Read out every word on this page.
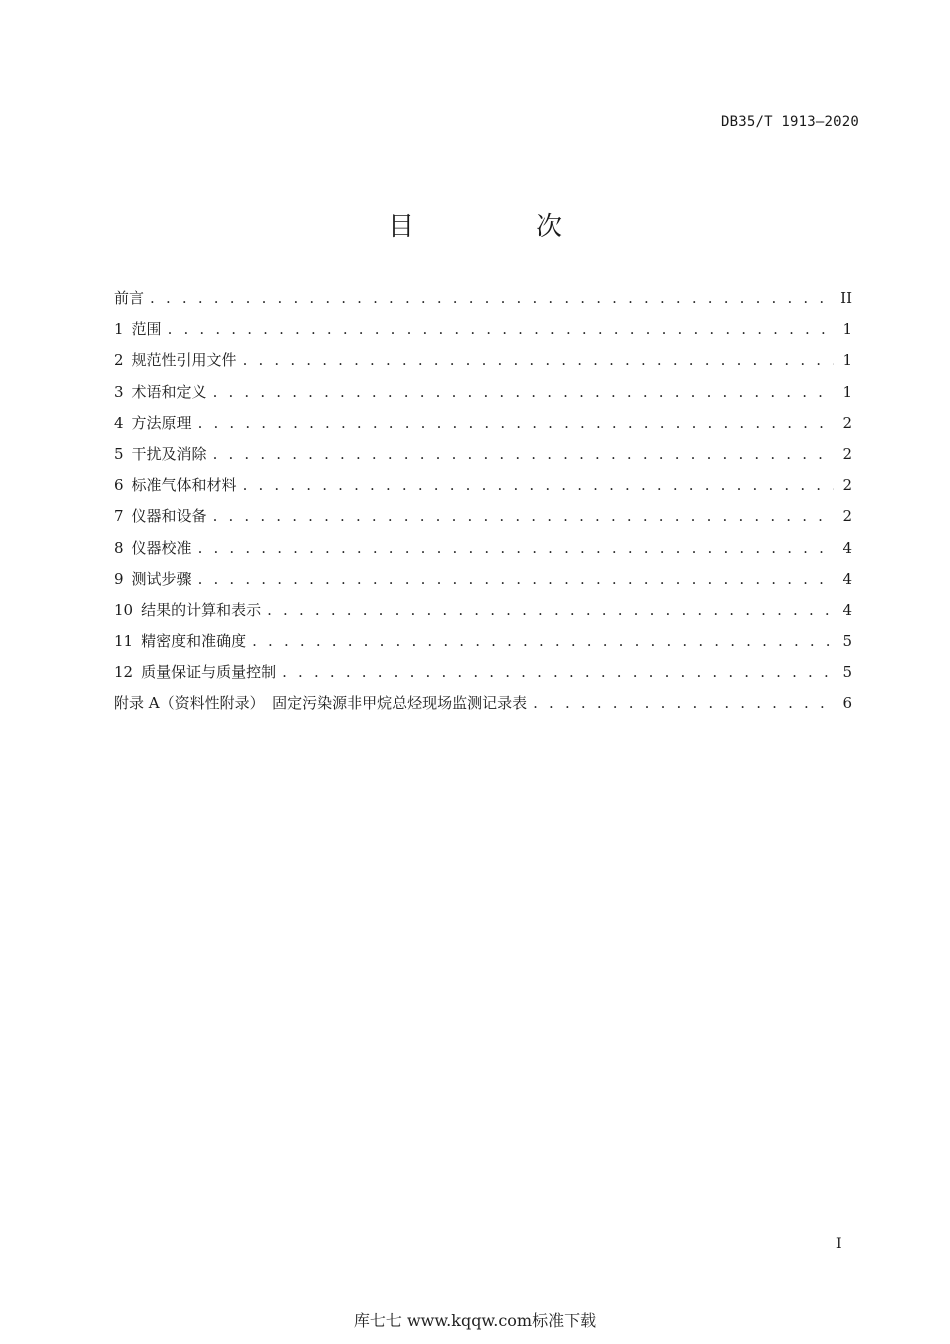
DB35/T 1913—2020
目　次
前言 . . .	II
1 范围 . . .	1
2 规范性引用文件 . . .	1
3 术语和定义 . . .	1
4 方法原理 . . .	2
5 干扰及消除 . . .	2
6 标准气体和材料 . . .	2
7 仪器和设备 . . .	2
8 仪器校准 . . .	4
9 测试步骤 . . .	4
10 结果的计算和表示 . . .	4
11 精密度和准确度 . . .	5
12 质量保证与质量控制 . . .	5
附录 A（资料性附录）　固定污染源非甲烷总烃现场监测记录表 . . .	6
I
库七七 www.kqqw.com标准下载
